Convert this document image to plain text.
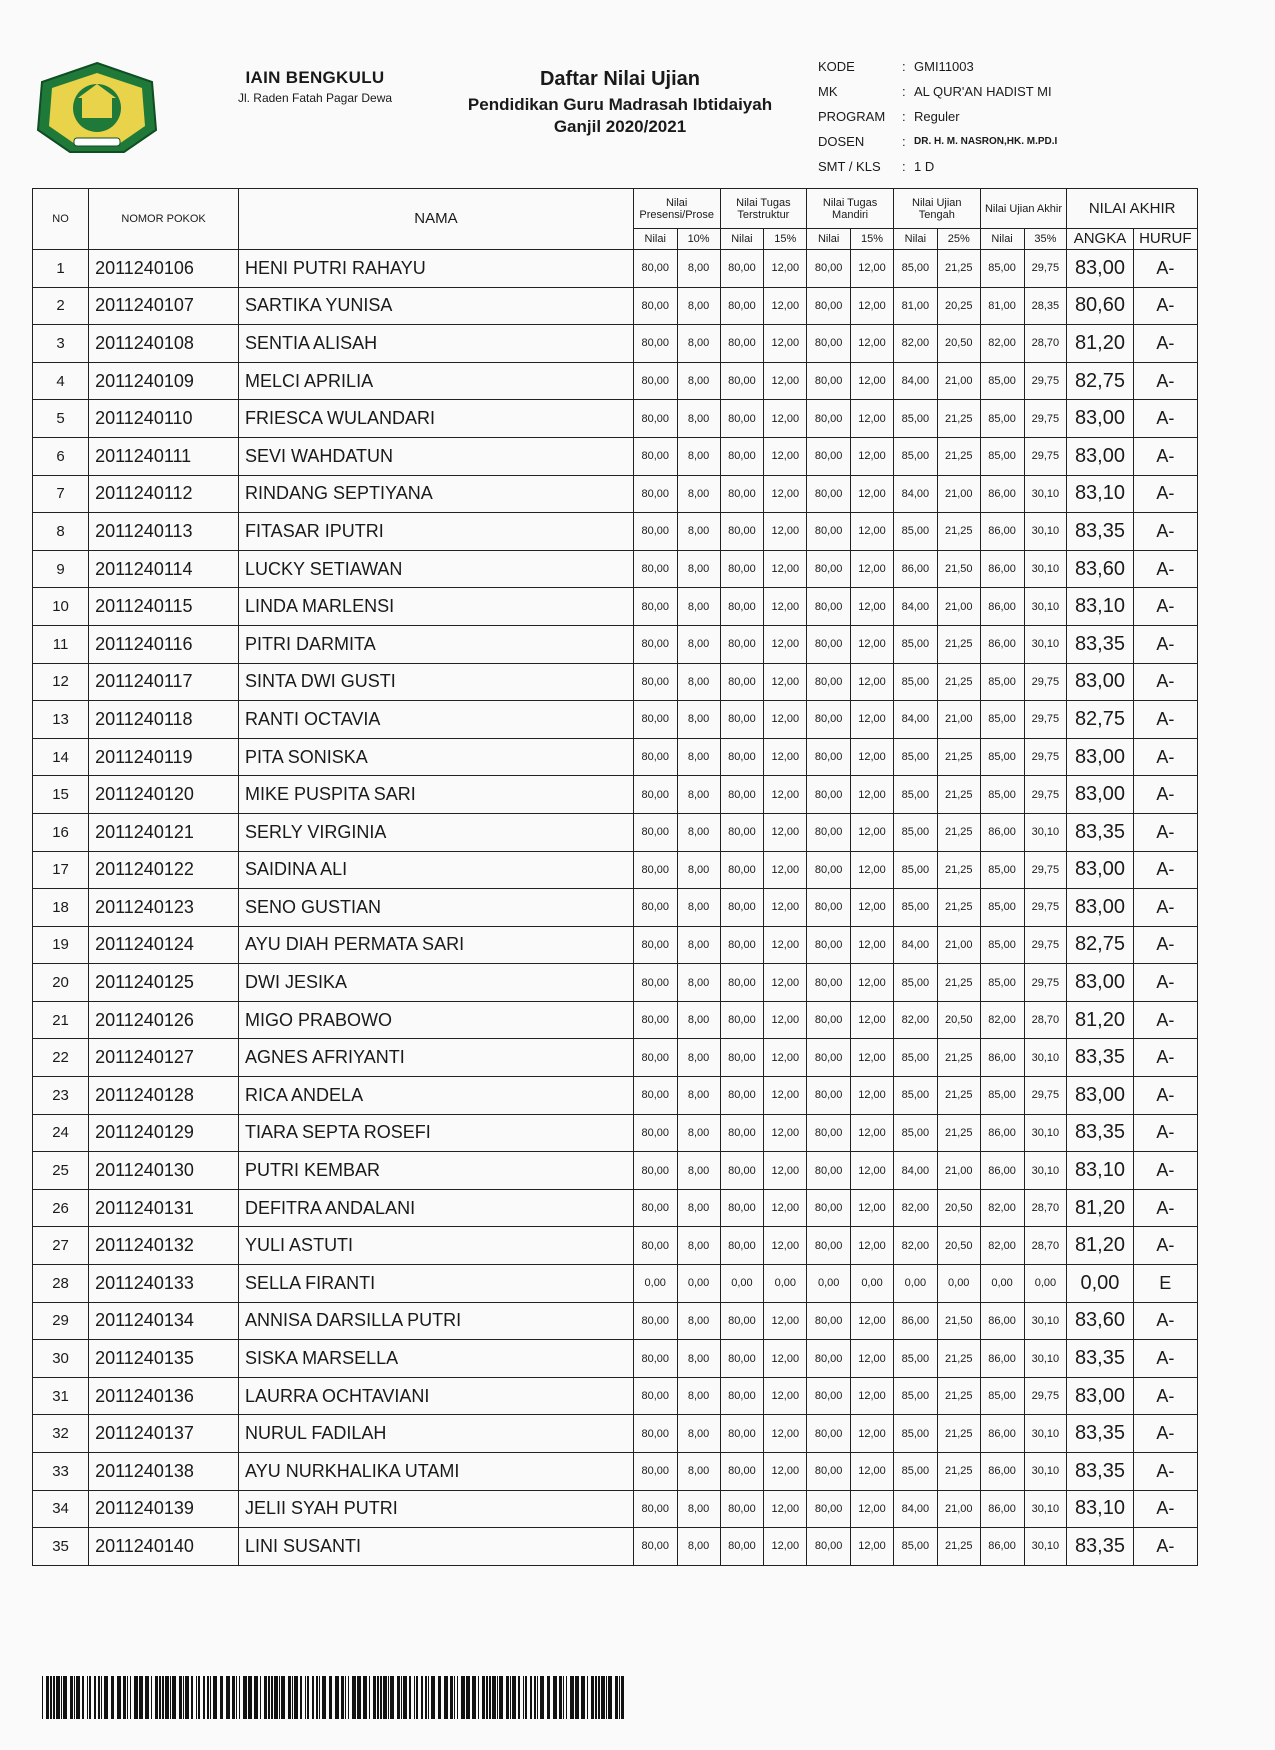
IAIN BENGKULU
Jl. Raden Fatah Pagar Dewa
Daftar Nilai Ujian
Pendidikan Guru Madrasah Ibtidaiyah
Ganjil 2020/2021
KODE	: GMI11003
MK	: AL QUR'AN HADIST MI
PROGRAM	: Reguler
DOSEN	: DR. H. M. NASRON,HK. M.PD.I
SMT / KLS	: 1 D
NO	NOMOR POKOK	NAMA	Nilai Presensi/Prose		Nilai Tugas Terstruktur		Nilai Tugas Mandiri		Nilai Ujian Tengah		Nilai Ujian Akhir		NILAI AKHIR	
			Nilai	10%	Nilai	15%	Nilai	15%	Nilai	25%	Nilai	35%	ANGKA	HURUF
1	2011240106	HENI PUTRI RAHAYU	80,00	8,00	80,00	12,00	80,00	12,00	85,00	21,25	85,00	29,75	83,00	A-
2	2011240107	SARTIKA YUNISA	80,00	8,00	80,00	12,00	80,00	12,00	81,00	20,25	81,00	28,35	80,60	A-
3	2011240108	SENTIA ALISAH	80,00	8,00	80,00	12,00	80,00	12,00	82,00	20,50	82,00	28,70	81,20	A-
4	2011240109	MELCI APRILIA	80,00	8,00	80,00	12,00	80,00	12,00	84,00	21,00	85,00	29,75	82,75	A-
5	2011240110	FRIESCA WULANDARI	80,00	8,00	80,00	12,00	80,00	12,00	85,00	21,25	85,00	29,75	83,00	A-
6	2011240111	SEVI WAHDATUN	80,00	8,00	80,00	12,00	80,00	12,00	85,00	21,25	85,00	29,75	83,00	A-
7	2011240112	RINDANG SEPTIYANA	80,00	8,00	80,00	12,00	80,00	12,00	84,00	21,00	86,00	30,10	83,10	A-
8	2011240113	FITASAR IPUTRI	80,00	8,00	80,00	12,00	80,00	12,00	85,00	21,25	86,00	30,10	83,35	A-
9	2011240114	LUCKY SETIAWAN	80,00	8,00	80,00	12,00	80,00	12,00	86,00	21,50	86,00	30,10	83,60	A-
10	2011240115	LINDA MARLENSI	80,00	8,00	80,00	12,00	80,00	12,00	84,00	21,00	86,00	30,10	83,10	A-
11	2011240116	PITRI DARMITA	80,00	8,00	80,00	12,00	80,00	12,00	85,00	21,25	86,00	30,10	83,35	A-
12	2011240117	SINTA DWI GUSTI	80,00	8,00	80,00	12,00	80,00	12,00	85,00	21,25	85,00	29,75	83,00	A-
13	2011240118	RANTI OCTAVIA	80,00	8,00	80,00	12,00	80,00	12,00	84,00	21,00	85,00	29,75	82,75	A-
14	2011240119	PITA SONISKA	80,00	8,00	80,00	12,00	80,00	12,00	85,00	21,25	85,00	29,75	83,00	A-
15	2011240120	MIKE PUSPITA SARI	80,00	8,00	80,00	12,00	80,00	12,00	85,00	21,25	85,00	29,75	83,00	A-
16	2011240121	SERLY VIRGINIA	80,00	8,00	80,00	12,00	80,00	12,00	85,00	21,25	86,00	30,10	83,35	A-
17	2011240122	SAIDINA ALI	80,00	8,00	80,00	12,00	80,00	12,00	85,00	21,25	85,00	29,75	83,00	A-
18	2011240123	SENO GUSTIAN	80,00	8,00	80,00	12,00	80,00	12,00	85,00	21,25	85,00	29,75	83,00	A-
19	2011240124	AYU DIAH PERMATA SARI	80,00	8,00	80,00	12,00	80,00	12,00	84,00	21,00	85,00	29,75	82,75	A-
20	2011240125	DWI JESIKA	80,00	8,00	80,00	12,00	80,00	12,00	85,00	21,25	85,00	29,75	83,00	A-
21	2011240126	MIGO PRABOWO	80,00	8,00	80,00	12,00	80,00	12,00	82,00	20,50	82,00	28,70	81,20	A-
22	2011240127	AGNES AFRIYANTI	80,00	8,00	80,00	12,00	80,00	12,00	85,00	21,25	86,00	30,10	83,35	A-
23	2011240128	RICA ANDELA	80,00	8,00	80,00	12,00	80,00	12,00	85,00	21,25	85,00	29,75	83,00	A-
24	2011240129	TIARA SEPTA ROSEFI	80,00	8,00	80,00	12,00	80,00	12,00	85,00	21,25	86,00	30,10	83,35	A-
25	2011240130	PUTRI KEMBAR	80,00	8,00	80,00	12,00	80,00	12,00	84,00	21,00	86,00	30,10	83,10	A-
26	2011240131	DEFITRA ANDALANI	80,00	8,00	80,00	12,00	80,00	12,00	82,00	20,50	82,00	28,70	81,20	A-
27	2011240132	YULI ASTUTI	80,00	8,00	80,00	12,00	80,00	12,00	82,00	20,50	82,00	28,70	81,20	A-
28	2011240133	SELLA FIRANTI	0,00	0,00	0,00	0,00	0,00	0,00	0,00	0,00	0,00	0,00	0,00	E
29	2011240134	ANNISA DARSILLA PUTRI	80,00	8,00	80,00	12,00	80,00	12,00	86,00	21,50	86,00	30,10	83,60	A-
30	2011240135	SISKA MARSELLA	80,00	8,00	80,00	12,00	80,00	12,00	85,00	21,25	86,00	30,10	83,35	A-
31	2011240136	LAURRA OCHTAVIANI	80,00	8,00	80,00	12,00	80,00	12,00	85,00	21,25	85,00	29,75	83,00	A-
32	2011240137	NURUL FADILAH	80,00	8,00	80,00	12,00	80,00	12,00	85,00	21,25	86,00	30,10	83,35	A-
33	2011240138	AYU NURKHALIKA UTAMI	80,00	8,00	80,00	12,00	80,00	12,00	85,00	21,25	86,00	30,10	83,35	A-
34	2011240139	JELII SYAH PUTRI	80,00	8,00	80,00	12,00	80,00	12,00	84,00	21,00	86,00	30,10	83,10	A-
35	2011240140	LINI SUSANTI	80,00	8,00	80,00	12,00	80,00	12,00	85,00	21,25	86,00	30,10	83,35	A-
